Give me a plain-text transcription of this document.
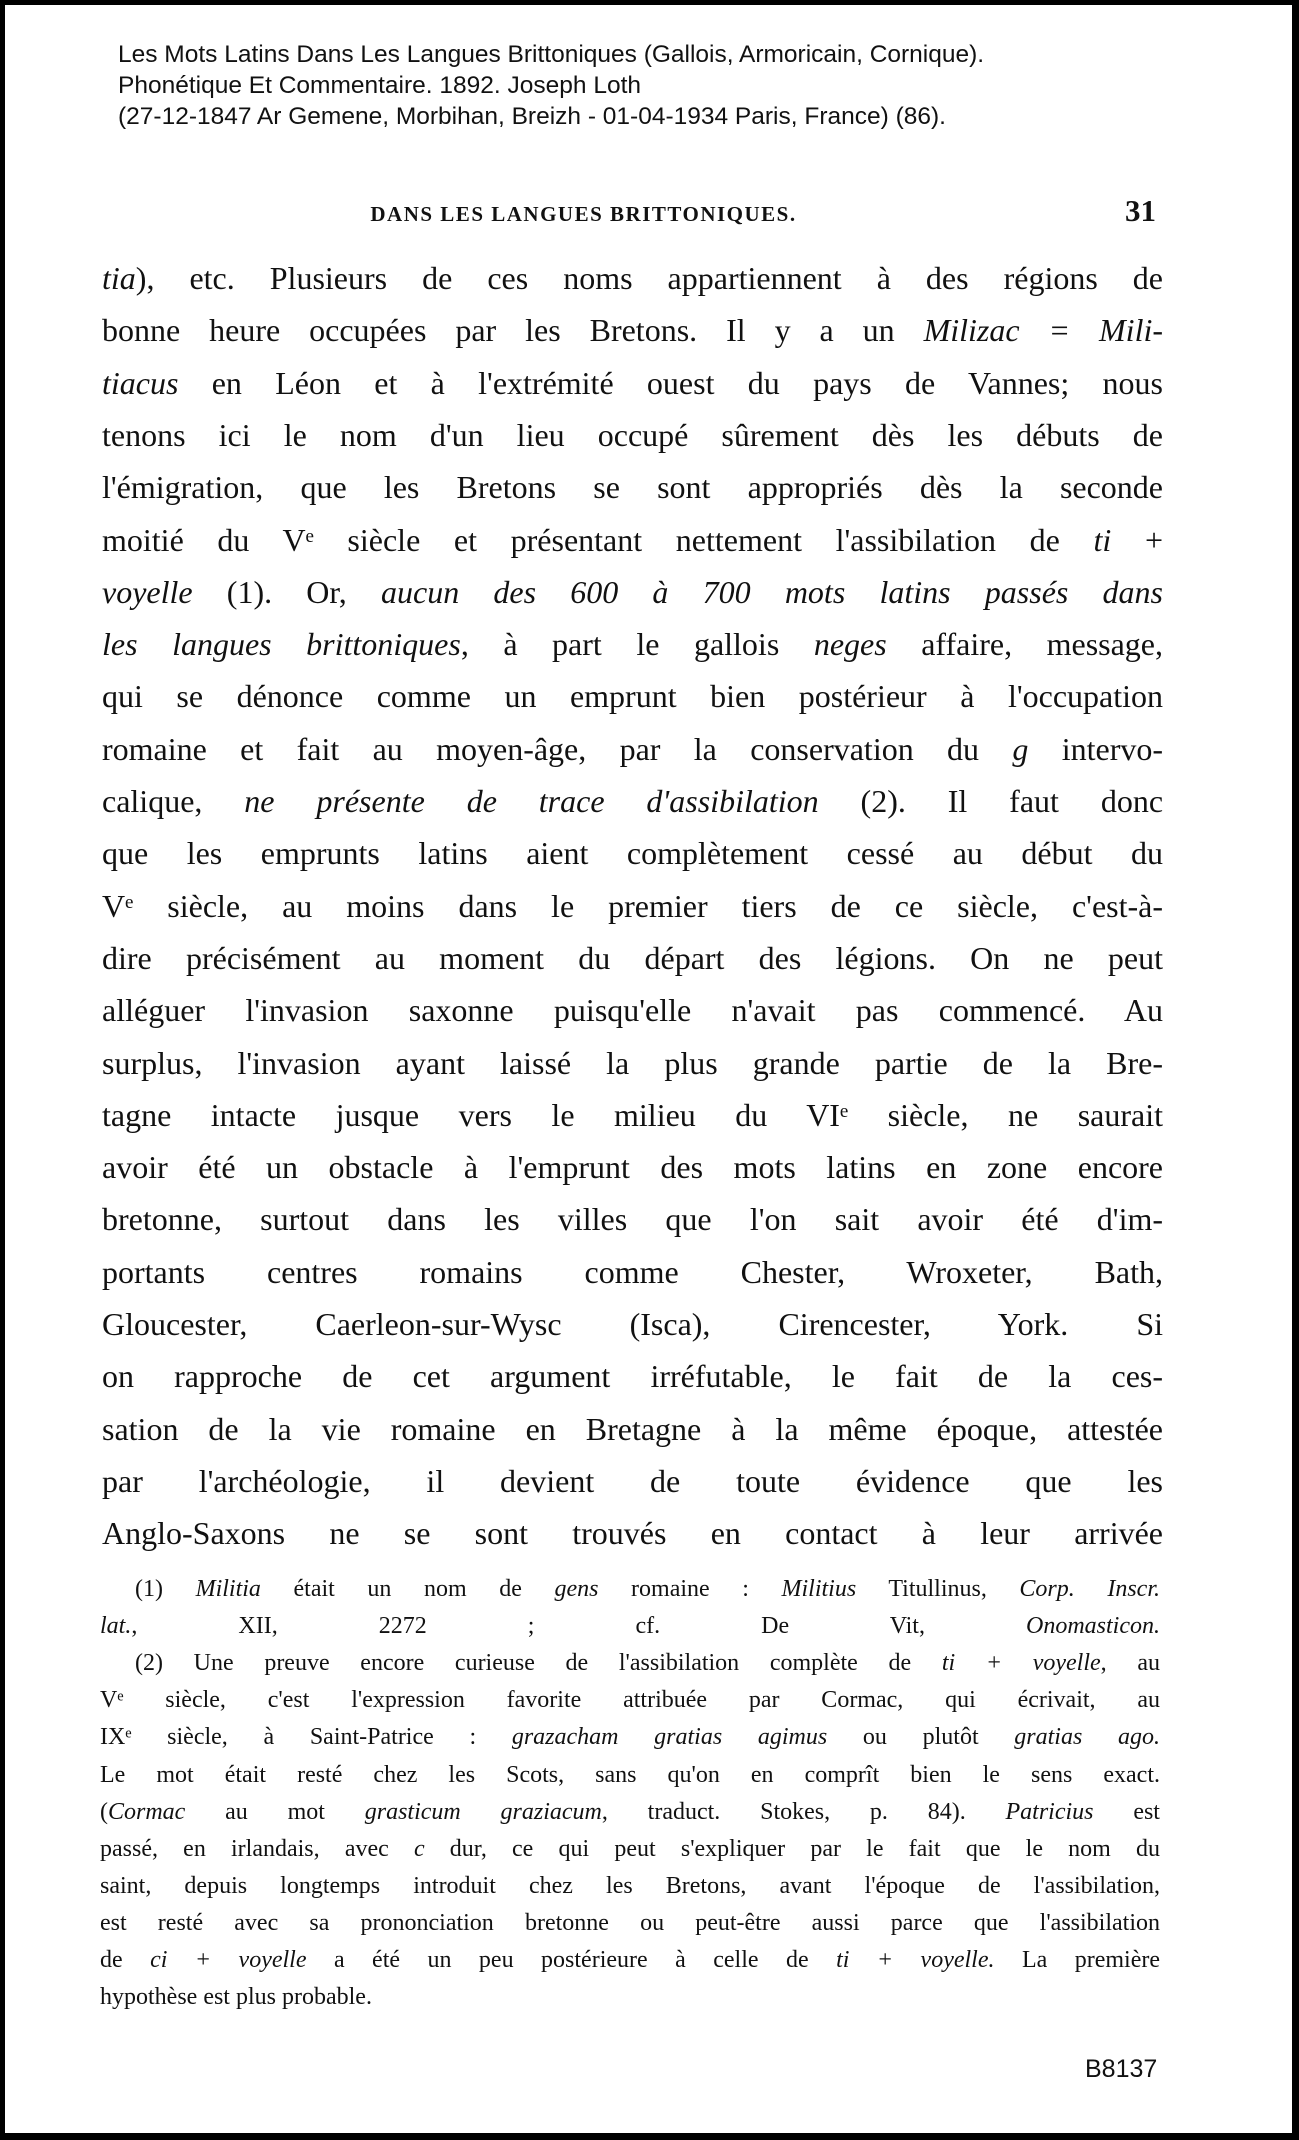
Les Mots Latins Dans Les Langues Brittoniques (Gallois, Armoricain, Cornique).
Phonétique Et Commentaire. 1892. Joseph Loth
(27-12-1847 Ar Gemene, Morbihan, Breizh - 01-04-1934 Paris, France) (86).
DANS LES LANGUES BRITTONIQUES.	31
tia), etc. Plusieurs de ces noms appartiennent à des régions de
bonne heure occupées par les Bretons. Il y a un Milizac = Mili-
tiacus en Léon et à l'extrémité ouest du pays de Vannes; nous
tenons ici le nom d'un lieu occupé sûrement dès les débuts de
l'émigration, que les Bretons se sont appropriés dès la seconde
moitié du Vᵉ siècle et présentant nettement l'assibilation de ti +
voyelle (1). Or, aucun des 600 à 700 mots latins passés dans
les langues brittoniques, à part le gallois neges affaire, message,
qui se dénonce comme un emprunt bien postérieur à l'occupation
romaine et fait au moyen-âge, par la conservation du g intervo-
calique, ne présente de trace d'assibilation (2). Il faut donc
que les emprunts latins aient complètement cessé au début du
Vᵉ siècle, au moins dans le premier tiers de ce siècle, c'est-à-
dire précisément au moment du départ des légions. On ne peut
alléguer l'invasion saxonne puisqu'elle n'avait pas commencé. Au
surplus, l'invasion ayant laissé la plus grande partie de la Bre-
tagne intacte jusque vers le milieu du VIᵉ siècle, ne saurait
avoir été un obstacle à l'emprunt des mots latins en zone encore
bretonne, surtout dans les villes que l'on sait avoir été d'im-
portants centres romains comme Chester, Wroxeter, Bath,
Gloucester, Caerleon-sur-Wysc (Isca), Cirencester, York. Si
on rapproche de cet argument irréfutable, le fait de la ces-
sation de la vie romaine en Bretagne à la même époque, attestée
par l'archéologie, il devient de toute évidence que les
Anglo-Saxons ne se sont trouvés en contact à leur arrivée
(1) Militia était un nom de gens romaine : Militius Titullinus, Corp. Inscr.
lat., XII, 2272 ; cf. De Vit, Onomasticon.
(2) Une preuve encore curieuse de l'assibilation complète de ti + voyelle, au
Vᵉ siècle, c'est l'expression favorite attribuée par Cormac, qui écrivait, au
IXᵉ siècle, à Saint-Patrice : grazacham gratias agimus ou plutôt gratias ago.
Le mot était resté chez les Scots, sans qu'on en comprît bien le sens exact.
(Cormac au mot grasticum graziacum, traduct. Stokes, p. 84). Patricius est
passé, en irlandais, avec c dur, ce qui peut s'expliquer par le fait que le nom du
saint, depuis longtemps introduit chez les Bretons, avant l'époque de l'assibilation,
est resté avec sa prononciation bretonne ou peut-être aussi parce que l'assibilation
de ci + voyelle a été un peu postérieure à celle de ti + voyelle. La première
hypothèse est plus probable.
B8137
